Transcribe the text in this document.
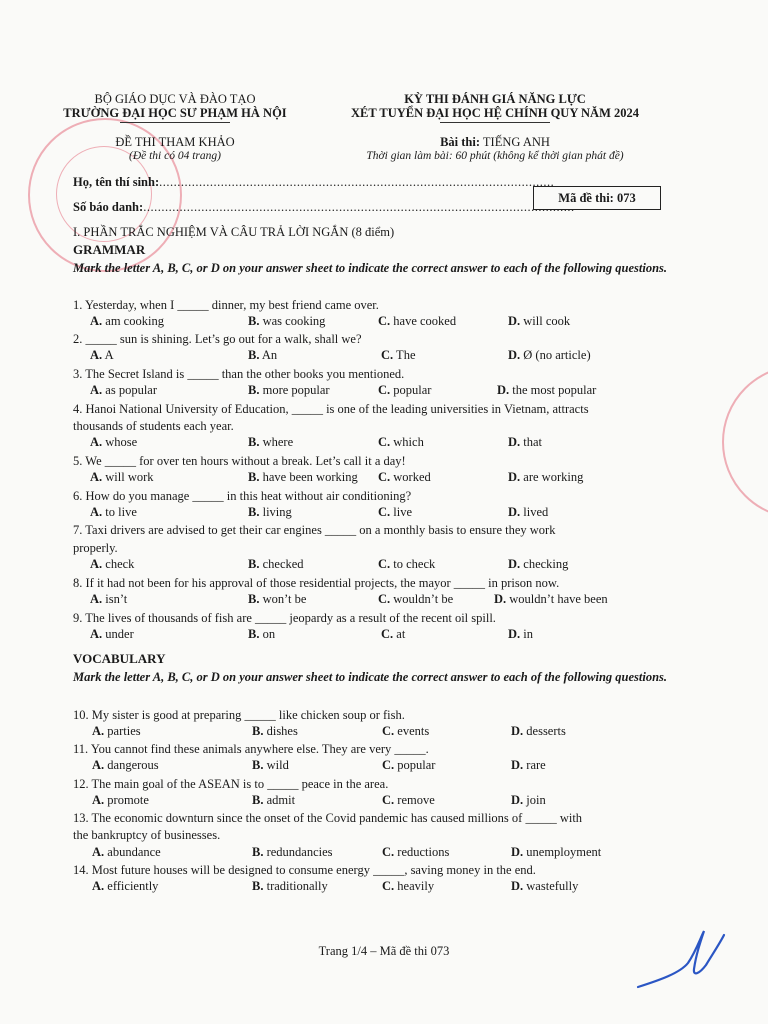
BỘ GIÁO DỤC VÀ ĐÀO TẠO
TRƯỜNG ĐẠI HỌC SƯ PHẠM HÀ NỘI
ĐỀ THI THAM KHẢO
(Đề thi có 04 trang)
KỲ THI ĐÁNH GIÁ NĂNG LỰC
XÉT TUYỂN ĐẠI HỌC HỆ CHÍNH QUY NĂM 2024
Bài thi: TIẾNG ANH
Thời gian làm bài: 60 phút (không kể thời gian phát đề)
Họ, tên thí sinh:.............................................................................................................
Số báo danh:.......................................................................................................................
Mã đề thi: 073
I. PHẦN TRẮC NGHIỆM VÀ CÂU TRẢ LỜI NGẮN (8 điểm)
GRAMMAR
Mark the letter A, B, C, or D on your answer sheet to indicate the correct answer to each of the following questions.
1. Yesterday, when I _____ dinner, my best friend came over.
A. am cooking	B. was cooking	C. have cooked	D. will cook
2. _____ sun is shining. Let’s go out for a walk, shall we?
A. A	B. An	C. The	D. Ø (no article)
3. The Secret Island is _____ than the other books you mentioned.
A. as popular	B. more popular	C. popular	D. the most popular
4. Hanoi National University of Education, _____ is one of the leading universities in Vietnam, attracts
thousands of students each year.
A. whose	B. where	C. which	D. that
5. We _____ for over ten hours without a break. Let’s call it a day!
A. will work	B. have been working C. worked	D. are working
6. How do you manage _____ in this heat without air conditioning?
A. to live	B. living	C. live	D. lived
7. Taxi drivers are advised to get their car engines _____ on a monthly basis to ensure they work
properly.
A. check	B. checked	C. to check	D. checking
8. If it had not been for his approval of those residential projects, the mayor _____ in prison now.
A. isn’t	B. won’t be	C. wouldn’t be	D. wouldn’t have been
9. The lives of thousands of fish are _____ jeopardy as a result of the recent oil spill.
A. under	B. on	C. at	D. in
VOCABULARY
Mark the letter A, B, C, or D on your answer sheet to indicate the correct answer to each of the following questions.
10. My sister is good at preparing _____ like chicken soup or fish.
A. parties	B. dishes	C. events	D. desserts
11. You cannot find these animals anywhere else. They are very _____.
A. dangerous	B. wild	C. popular	D. rare
12. The main goal of the ASEAN is to _____ peace in the area.
A. promote	B. admit	C. remove	D. join
13. The economic downturn since the onset of the Covid pandemic has caused millions of _____ with
the bankruptcy of businesses.
A. abundance	B. redundancies	C. reductions	D. unemployment
14. Most future houses will be designed to consume energy _____, saving money in the end.
A. efficiently	B. traditionally	C. heavily	D. wastefully
Trang 1/4 – Mã đề thi 073
